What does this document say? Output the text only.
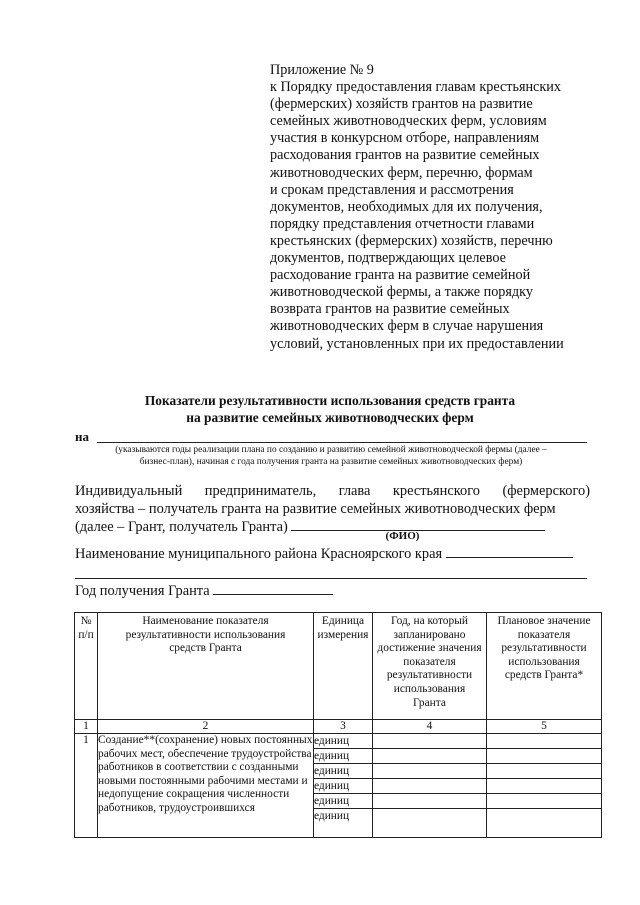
Приложение № 9
к Порядку предоставления главам крестьянских
(фермерских) хозяйств грантов на развитие
семейных животноводческих ферм, условиям
участия в конкурсном отборе, направлениям
расходования грантов на развитие семейных
животноводческих ферм, перечню, формам
и срокам представления и рассмотрения
документов, необходимых для их получения,
порядку представления отчетности главами
крестьянских (фермерских) хозяйств, перечню
документов, подтверждающих целевое
расходование гранта на развитие семейной
животноводческой фермы, а также порядку
возврата грантов на развитие семейных
животноводческих ферм в случае нарушения
условий, установленных при их предоставлении
Показатели результативности использования средств гранта
на развитие семейных животноводческих ферм
на
(указываются годы реализации плана по созданию и развитию семейной животноводческой фермы (далее –
бизнес-план), начиная с года получения гранта на развитие семейных животноводческих ферм)
Индивидуальный предприниматель, глава крестьянского (фермерского)
хозяйства – получатель гранта на развитие семейных животноводческих ферм
(далее – Грант, получатель Гранта)
(ФИО)
Наименование муниципального района Красноярского края
Год получения Гранта
№ п/п	Наименование показателя результативности использования средств Гранта	Единица измерения	Год, на который запланировано достижение значения показателя результативности использования Гранта	Плановое значение показателя результативности использования средств Гранта*
1	2	3	4	5
1	Создание**(сохранение) новых постоянных рабочих мест, обеспечение трудоустройства работников в соответствии с созданными новыми постоянными рабочими местами и недопущение сокращения численности работников, трудоустроившихся	единиц		
		единиц		
		единиц		
		единиц		
		единиц		
		единиц		
